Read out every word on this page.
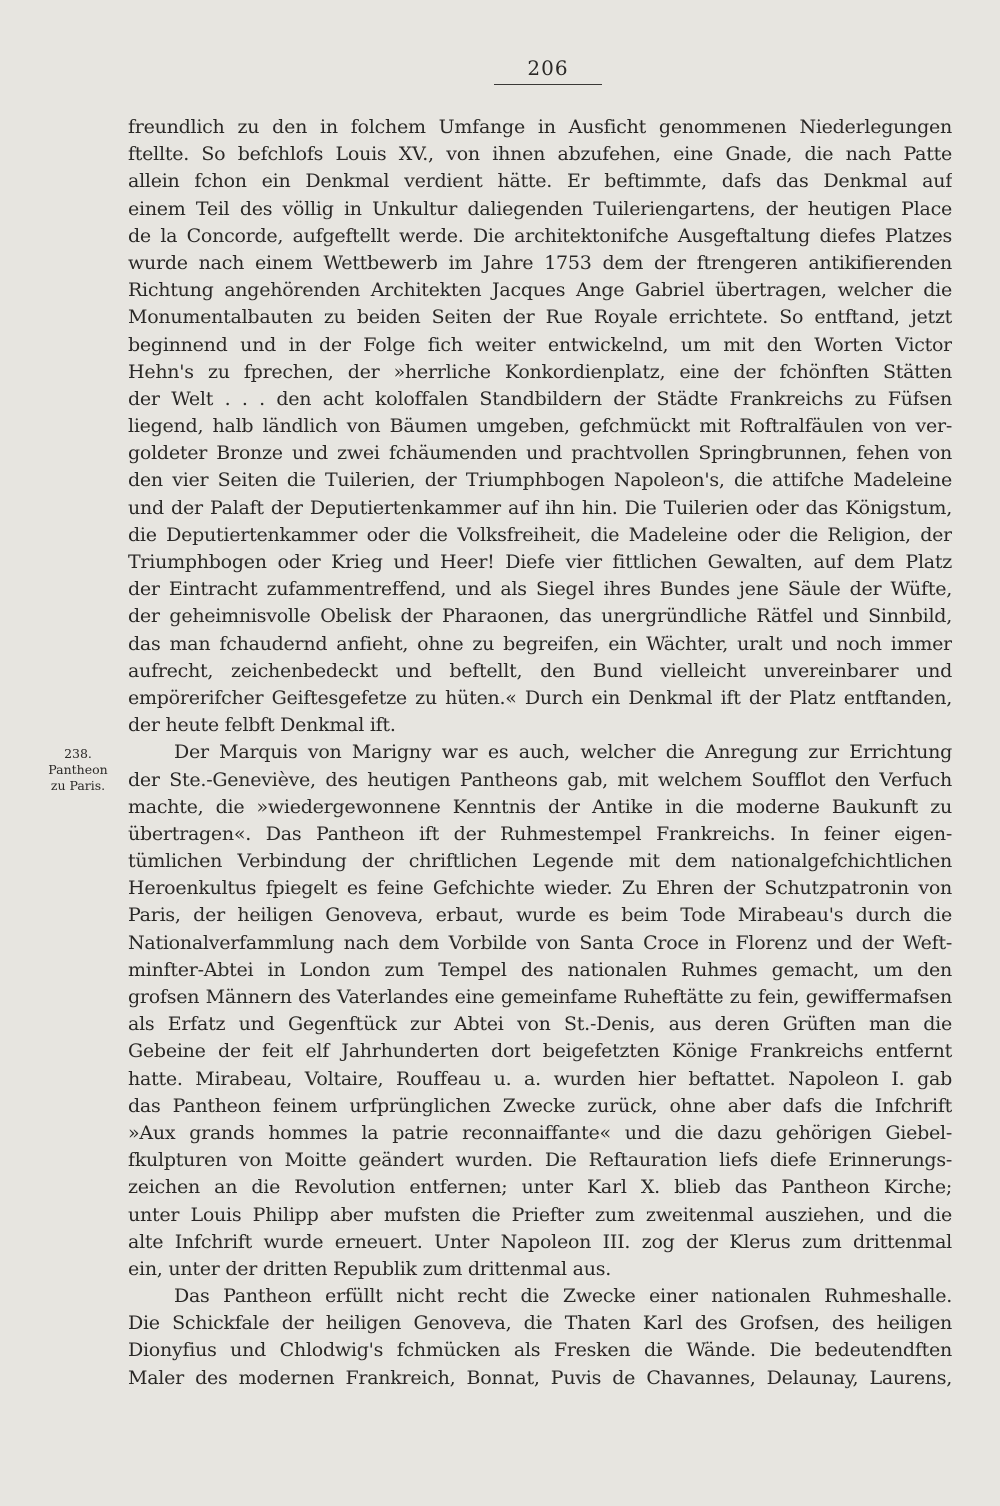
206
238.
Pantheon
zu Paris.
freundlich zu den in folchem Umfange in Ausficht genommenen Niederlegungen
ftellte. So befchlofs Louis XV., von ihnen abzufehen, eine Gnade, die nach Patte
allein fchon ein Denkmal verdient hätte. Er beftimmte, dafs das Denkmal auf
einem Teil des völlig in Unkultur daliegenden Tuileriengartens, der heutigen Place
de la Concorde, aufgeftellt werde. Die architektonifche Ausgeftaltung diefes Platzes
wurde nach einem Wettbewerb im Jahre 1753 dem der ftrengeren antikifierenden
Richtung angehörenden Architekten Jacques Ange Gabriel übertragen, welcher die
Monumentalbauten zu beiden Seiten der Rue Royale errichtete. So entftand, jetzt
beginnend und in der Folge fich weiter entwickelnd, um mit den Worten Victor
Hehn's zu fprechen, der »herrliche Konkordienplatz, eine der fchönften Stätten
der Welt . . . den acht koloffalen Standbildern der Städte Frankreichs zu Füfsen
liegend, halb ländlich von Bäumen umgeben, gefchmückt mit Roftralfäulen von ver-
goldeter Bronze und zwei fchäumenden und prachtvollen Springbrunnen, fehen von
den vier Seiten die Tuilerien, der Triumphbogen Napoleon's, die attifche Madeleine
und der Palaft der Deputiertenkammer auf ihn hin. Die Tuilerien oder das Königstum,
die Deputiertenkammer oder die Volksfreiheit, die Madeleine oder die Religion, der
Triumphbogen oder Krieg und Heer! Diefe vier fittlichen Gewalten, auf dem Platz
der Eintracht zufammentreffend, und als Siegel ihres Bundes jene Säule der Wüfte,
der geheimnisvolle Obelisk der Pharaonen, das unergründliche Rätfel und Sinnbild,
das man fchaudernd anfieht, ohne zu begreifen, ein Wächter, uralt und noch immer
aufrecht, zeichenbedeckt und beftellt, den Bund vielleicht unvereinbarer und
empörerifcher Geiftesgefetze zu hüten.« Durch ein Denkmal ift der Platz entftanden,
der heute felbft Denkmal ift.
Der Marquis von Marigny war es auch, welcher die Anregung zur Errichtung
der Ste.-Geneviève, des heutigen Pantheons gab, mit welchem Soufflot den Verfuch
machte, die »wiedergewonnene Kenntnis der Antike in die moderne Baukunft zu
übertragen«. Das Pantheon ift der Ruhmestempel Frankreichs. In feiner eigen-
tümlichen Verbindung der chriftlichen Legende mit dem nationalgefchichtlichen
Heroenkultus fpiegelt es feine Gefchichte wieder. Zu Ehren der Schutzpatronin von
Paris, der heiligen Genoveva, erbaut, wurde es beim Tode Mirabeau's durch die
Nationalverfammlung nach dem Vorbilde von Santa Croce in Florenz und der Weft-
minfter-Abtei in London zum Tempel des nationalen Ruhmes gemacht, um den
grofsen Männern des Vaterlandes eine gemeinfame Ruheftätte zu fein, gewiffermafsen
als Erfatz und Gegenftück zur Abtei von St.-Denis, aus deren Grüften man die
Gebeine der feit elf Jahrhunderten dort beigefetzten Könige Frankreichs entfernt
hatte. Mirabeau, Voltaire, Rouffeau u. a. wurden hier beftattet. Napoleon I. gab
das Pantheon feinem urfprünglichen Zwecke zurück, ohne aber dafs die Infchrift
»Aux grands hommes la patrie reconnaiffante« und die dazu gehörigen Giebel-
fkulpturen von Moitte geändert wurden. Die Reftauration liefs diefe Erinnerungs-
zeichen an die Revolution entfernen; unter Karl X. blieb das Pantheon Kirche;
unter Louis Philipp aber mufsten die Priefter zum zweitenmal ausziehen, und die
alte Infchrift wurde erneuert. Unter Napoleon III. zog der Klerus zum drittenmal
ein, unter der dritten Republik zum drittenmal aus.
Das Pantheon erfüllt nicht recht die Zwecke einer nationalen Ruhmeshalle.
Die Schickfale der heiligen Genoveva, die Thaten Karl des Grofsen, des heiligen
Dionyfius und Chlodwig's fchmücken als Fresken die Wände. Die bedeutendften
Maler des modernen Frankreich, Bonnat, Puvis de Chavannes, Delaunay, Laurens,
